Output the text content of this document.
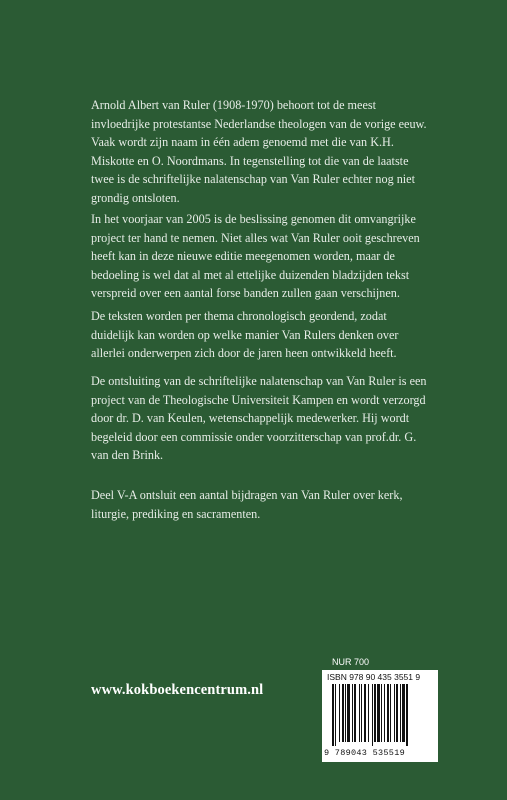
Arnold Albert van Ruler (1908-1970) behoort tot de meest invloedrijke protestantse Nederlandse theologen van de vorige eeuw. Vaak wordt zijn naam in één adem genoemd met die van K.H. Miskotte en O. Noordmans. In tegenstelling tot die van de laatste twee is de schriftelijke nalatenschap van Van Ruler echter nog niet grondig ontsloten.

In het voorjaar van 2005 is de beslissing genomen dit omvangrijke project ter hand te nemen. Niet alles wat Van Ruler ooit geschreven heeft kan in deze nieuwe editie meegenomen worden, maar de bedoeling is wel dat al met al ettelijke duizenden bladzijden tekst verspreid over een aantal forse banden zullen gaan verschijnen.

De teksten worden per thema chronologisch geordend, zodat duidelijk kan worden op welke manier Van Rulers denken over allerlei onderwerpen zich door de jaren heen ontwikkeld heeft.

De ontsluiting van de schriftelijke nalatenschap van Van Ruler is een project van de Theologische Universiteit Kampen en wordt verzorgd door dr. D. van Keulen, wetenschappelijk medewerker. Hij wordt begeleid door een commissie onder voorzitterschap van prof.dr. G. van den Brink.

Deel V-A ontsluit een aantal bijdragen van Van Ruler over kerk, liturgie, prediking en sacramenten.

www.kokboekencentrum.nl
NUR 700
ISBN 978 90 435 3551 9
9 789043 535519
